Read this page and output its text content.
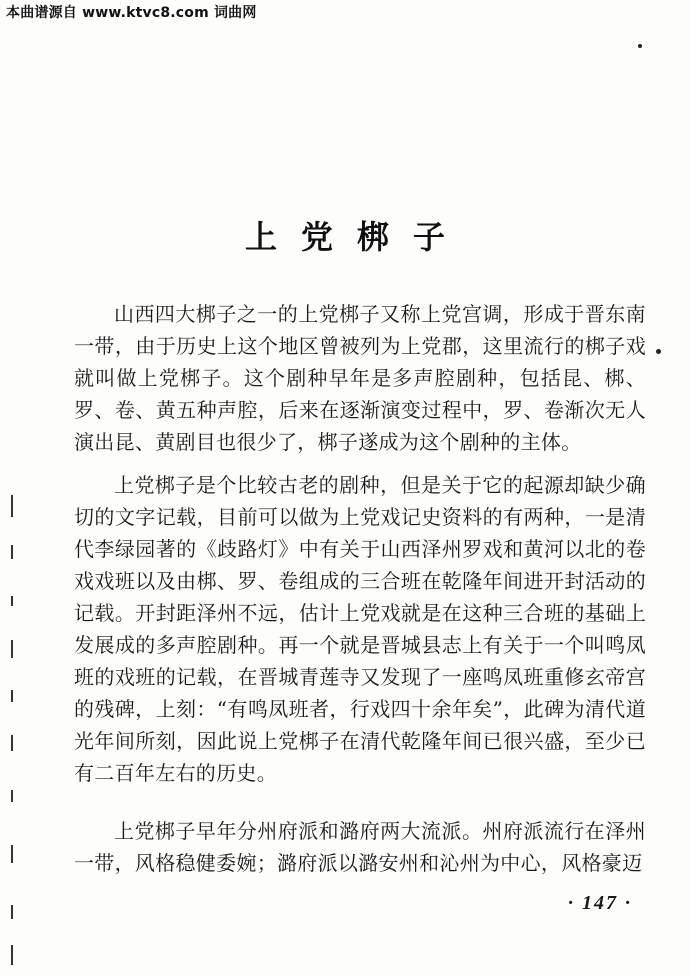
本曲谱源自 www.ktvc8.com 词曲网
上党梆子

山西四大梆子之一的上党梆子又称上党宫调，形成于晋东南一带，由于历史上这个地区曾被列为上党郡，这里流行的梆子戏就叫做上党梆子。这个剧种早年是多声腔剧种，包括昆、梆、罗、卷、黄五种声腔，后来在逐渐演变过程中，罗、卷渐次无人演出昆、黄剧目也很少了，梆子遂成为这个剧种的主体。

上党梆子是个比较古老的剧种，但是关于它的起源却缺少确切的文字记载，目前可以做为上党戏记史资料的有两种，一是清代李绿园著的《歧路灯》中有关于山西泽州罗戏和黄河以北的卷戏戏班以及由梆、罗、卷组成的三合班在乾隆年间进开封活动的记载。开封距泽州不远，估计上党戏就是在这种三合班的基础上发展成的多声腔剧种。再一个就是晋城县志上有关于一个叫鸣凤班的戏班的记载，在晋城青莲寺又发现了一座鸣凤班重修玄帝宫的残碑，上刻：“有鸣凤班者，行戏四十余年矣”，此碑为清代道光年间所刻，因此说上党梆子在清代乾隆年间已很兴盛，至少已有二百年左右的历史。

上党梆子早年分州府派和潞府两大流派。州府派流行在泽州一带，风格稳健委婉；潞府派以潞安州和沁州为中心，风格豪迈

· 147 ·
